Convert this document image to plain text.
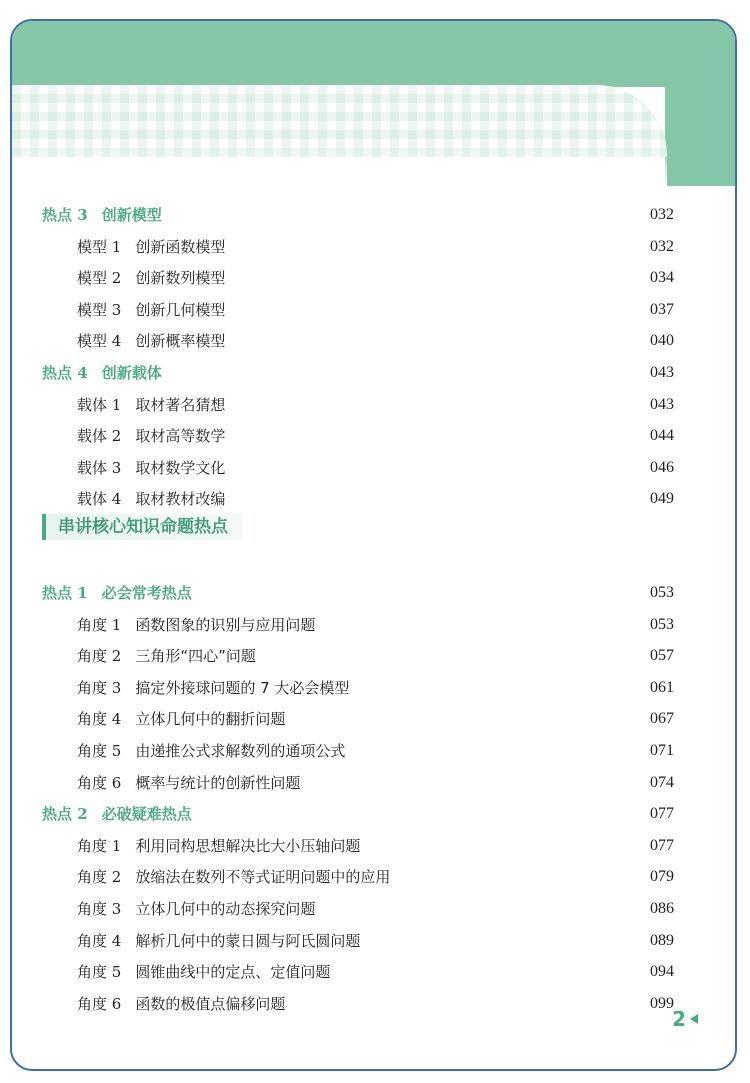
热点 3 创新模型	032
模型 1 创新函数模型	032
模型 2 创新数列模型	034
模型 3 创新几何模型	037
模型 4 创新概率模型	040
热点 4 创新载体	043
载体 1 取材著名猜想	043
载体 2 取材高等数学	044
载体 3 取材数学文化	046
载体 4 取材教材改编	049
串讲核心知识命题热点
热点 1 必会常考热点	053
角度 1 函数图象的识别与应用问题	053
角度 2 三角形“四心”问题	057
角度 3 搞定外接球问题的 7 大必会模型	061
角度 4 立体几何中的翻折问题	067
角度 5 由递推公式求解数列的通项公式	071
角度 6 概率与统计的创新性问题	074
热点 2 必破疑难热点	077
角度 1 利用同构思想解决比大小压轴问题	077
角度 2 放缩法在数列不等式证明问题中的应用	079
角度 3 立体几何中的动态探究问题	086
角度 4 解析几何中的蒙日圆与阿氏圆问题	089
角度 5 圆锥曲线中的定点、定值问题	094
角度 6 函数的极值点偏移问题	099
2
